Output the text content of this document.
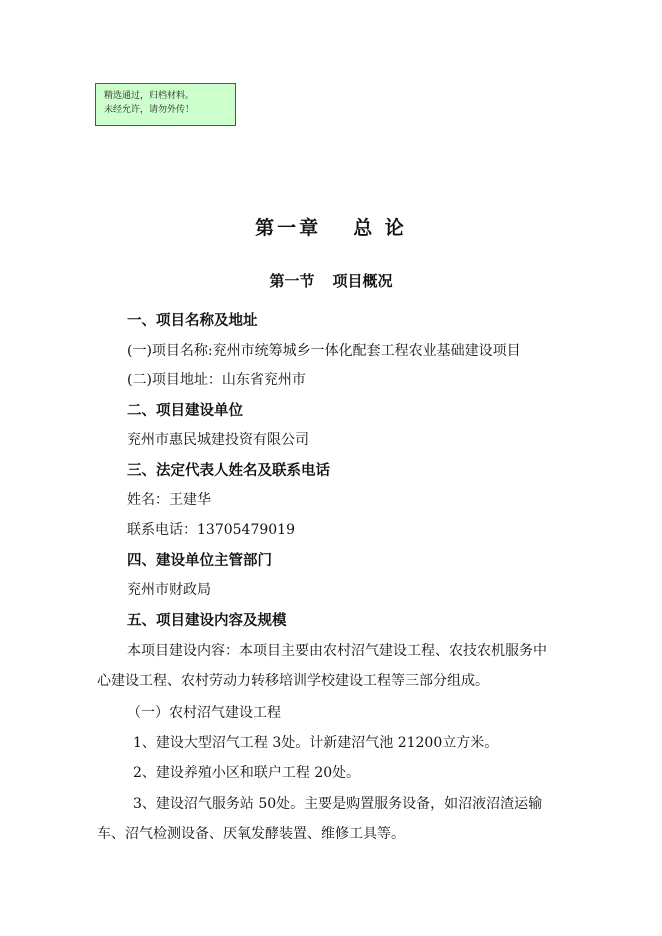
精选通过，归档材料。
未经允许，请勿外传！
第一章 总 论
第一节 项目概况
一、项目名称及地址
(一)项目名称:兖州市统筹城乡一体化配套工程农业基础建设项目
(二)项目地址：山东省兖州市
二、项目建设单位
兖州市惠民城建投资有限公司
三、法定代表人姓名及联系电话
姓名：王建华
联系电话：13705479019
四、建设单位主管部门
兖州市财政局
五、项目建设内容及规模
本项目建设内容：本项目主要由农村沼气建设工程、农技农机服务中
心建设工程、农村劳动力转移培训学校建设工程等三部分组成。
（一）农村沼气建设工程
1、建设大型沼气工程 3处。计新建沼气池 21200立方米。
2、建设养殖小区和联户工程 20处。
3、建设沼气服务站 50处。主要是购置服务设备，如沼液沼渣运输
车、沼气检测设备、厌氧发酵装置、维修工具等。
